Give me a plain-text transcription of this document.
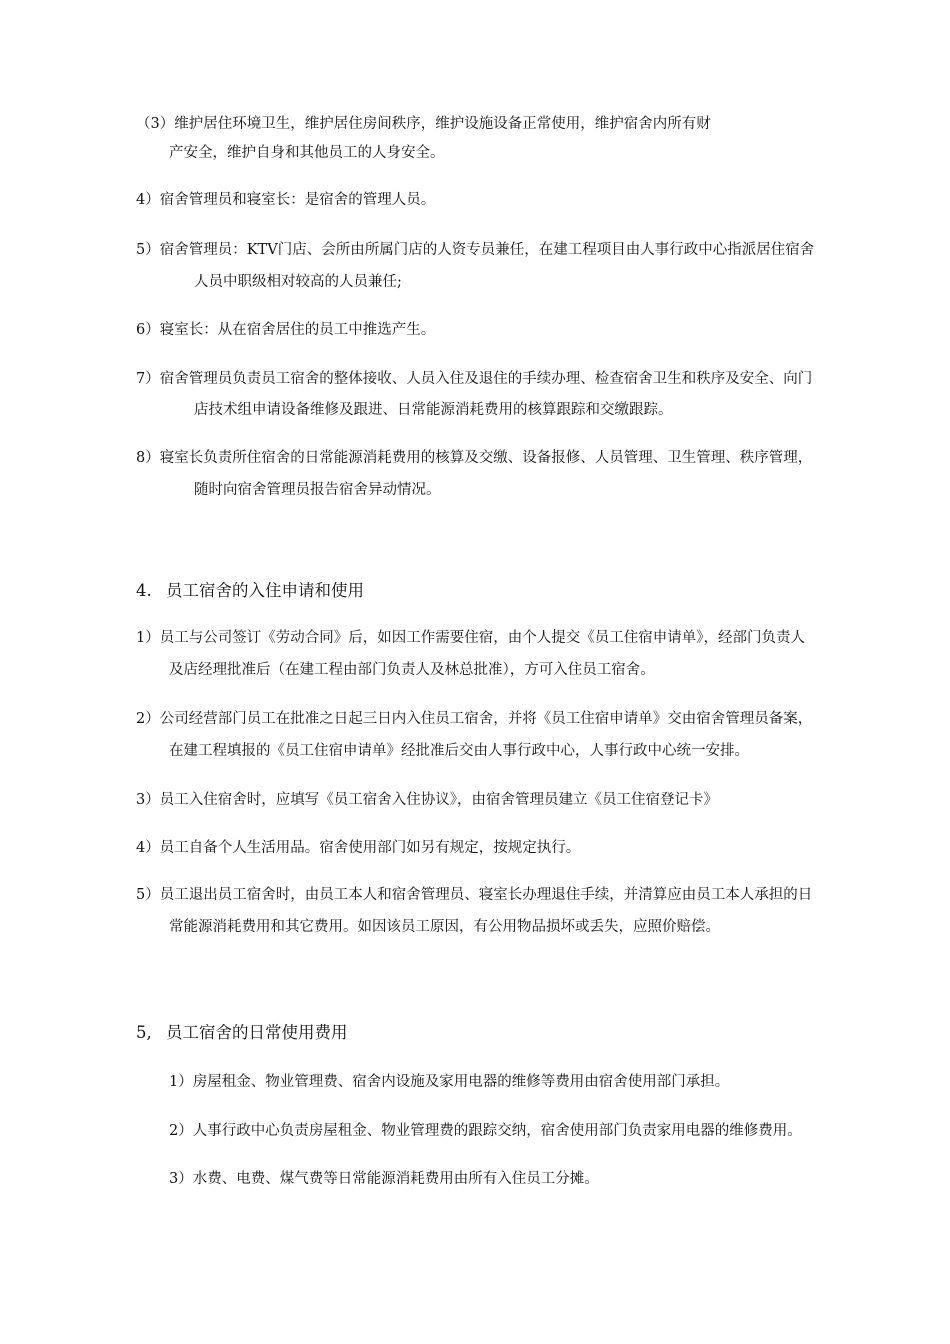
（3）维护居住环境卫生，维护居住房间秩序，维护设施设备正常使用，维护宿舍内所有财
产安全，维护自身和其他员工的人身安全。
4）宿舍管理员和寝室长：是宿舍的管理人员。
5）宿舍管理员：KTV门店、会所由所属门店的人资专员兼任，在建工程项目由人事行政中心指派居住宿舍
人员中职级相对较高的人员兼任;
6）寝室长：从在宿舍居住的员工中推选产生。
7）宿舍管理员负责员工宿舍的整体接收、人员入住及退住的手续办理、检查宿舍卫生和秩序及安全、向门
店技术组申请设备维修及跟进、日常能源消耗费用的核算跟踪和交缴跟踪。
8）寝室长负责所住宿舍的日常能源消耗费用的核算及交缴、设备报修、人员管理、卫生管理、秩序管理，
随时向宿舍管理员报告宿舍异动情况。
4. 员工宿舍的入住申请和使用
1）员工与公司签订《劳动合同》后，如因工作需要住宿，由个人提交《员工住宿申请单》，经部门负责人
及店经理批准后（在建工程由部门负责人及林总批准），方可入住员工宿舍。
2）公司经营部门员工在批准之日起三日内入住员工宿舍，并将《员工住宿申请单》交由宿舍管理员备案，
在建工程填报的《员工住宿申请单》经批准后交由人事行政中心，人事行政中心统一安排。
3）员工入住宿舍时，应填写《员工宿舍入住协议》，由宿舍管理员建立《员工住宿登记卡》
4）员工自备个人生活用品。宿舍使用部门如另有规定，按规定执行。
5）员工退出员工宿舍时，由员工本人和宿舍管理员、寝室长办理退住手续，并清算应由员工本人承担的日
常能源消耗费用和其它费用。如因该员工原因，有公用物品损坏或丢失，应照价赔偿。
5, 员工宿舍的日常使用费用
1）房屋租金、物业管理费、宿舍内设施及家用电器的维修等费用由宿舍使用部门承担。
2）人事行政中心负责房屋租金、物业管理费的跟踪交纳，宿舍使用部门负责家用电器的维修费用。
3）水费、电费、煤气费等日常能源消耗费用由所有入住员工分摊。
